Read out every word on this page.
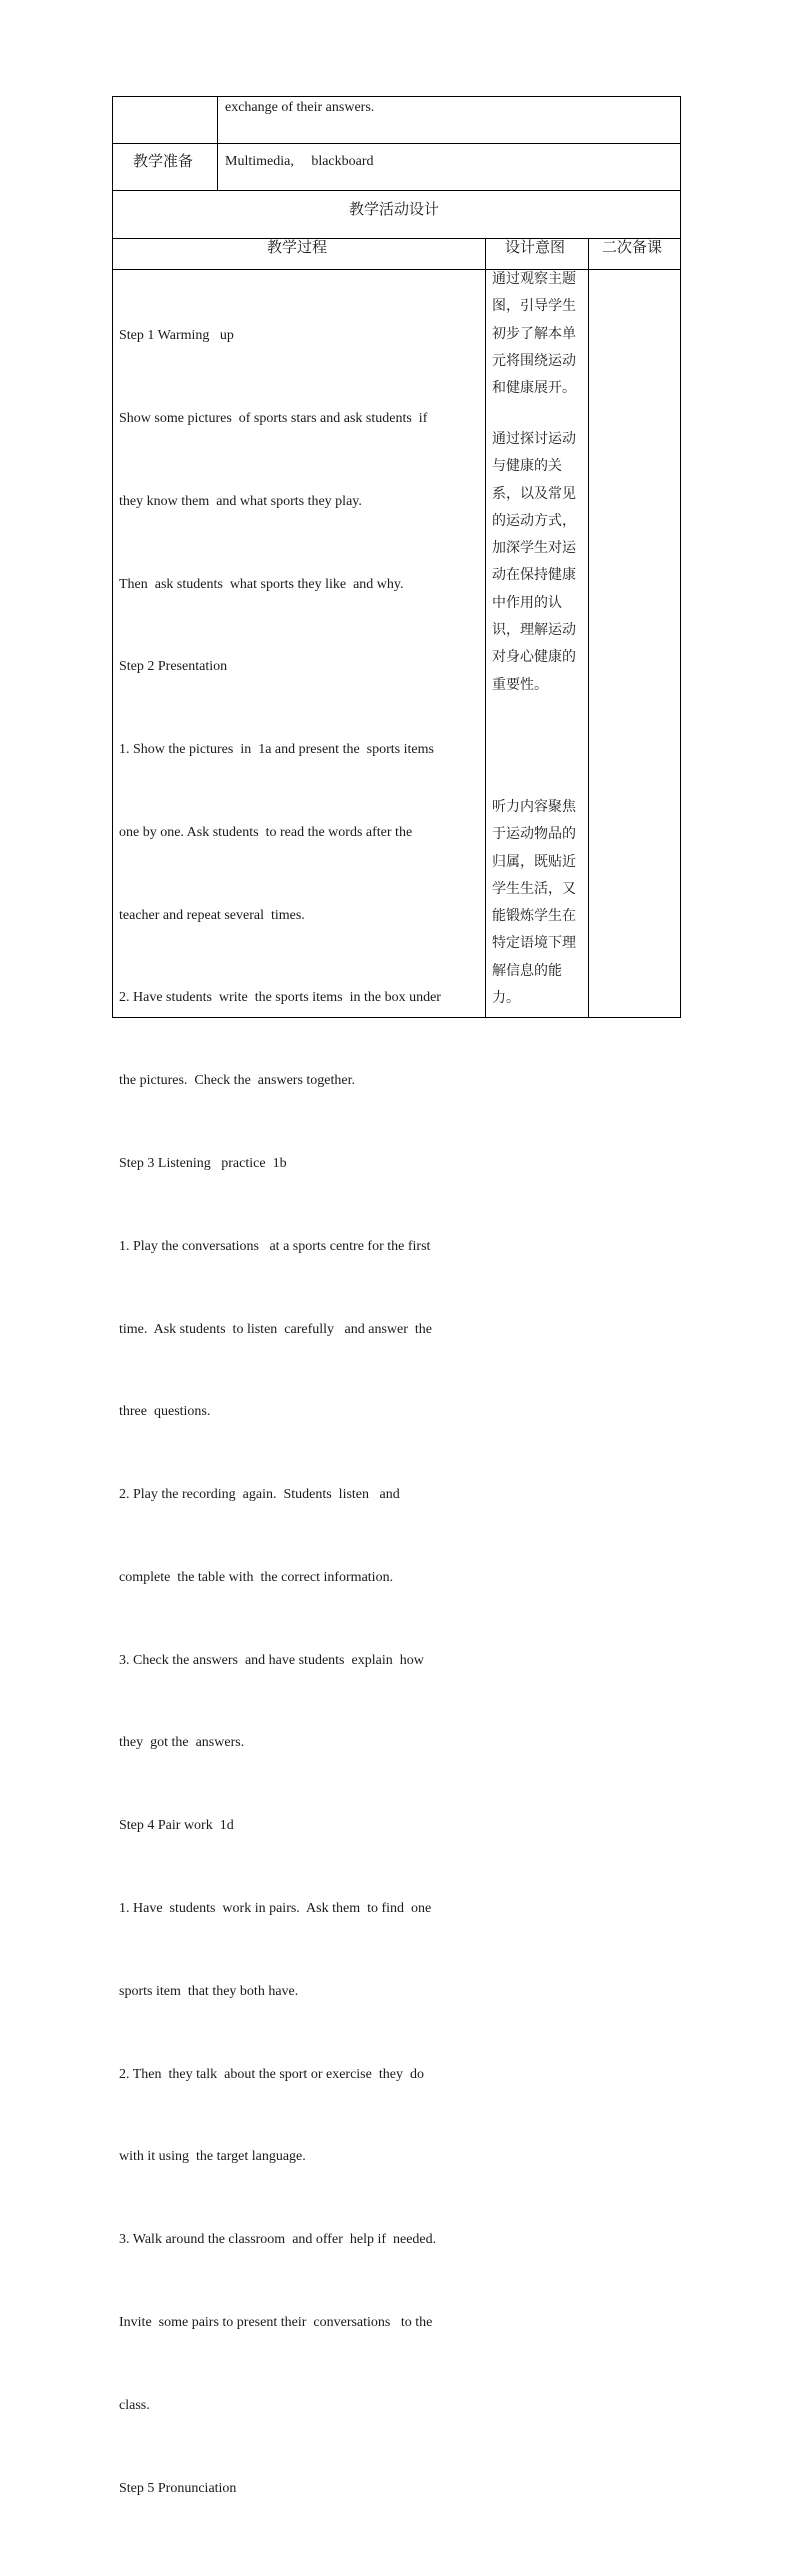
exchange of their answers.
教学准备 Multimedia,     blackboard
教学活动设计
教学过程	设计意图 二次备课

Step 1 Warming   up

Show some pictures  of sports stars and ask students  if

they know them  and what sports they play.

Then  ask students  what sports they like  and why.

Step 2 Presentation

1. Show the pictures  in  1a and present the  sports items

one by one. Ask students  to read the words after the

teacher and repeat several  times.

2. Have students  write  the sports items  in the box under

the pictures.  Check the  answers together.

Step 3 Listening   practice  1b

1. Play the conversations   at a sports centre for the first

time.  Ask students  to listen  carefully   and answer  the

three  questions.

2. Play the recording  again.  Students  listen   and

complete  the table with  the correct information.

3. Check the answers  and have students  explain  how

they  got the  answers.

Step 4 Pair work  1d

1. Have  students  work in pairs.  Ask them  to find  one

sports item  that they both have.

2. Then  they talk  about the sport or exercise  they  do

with it using  the target language.

3. Walk around the classroom  and offer  help if  needed.

Invite  some pairs to present their  conversations   to the

class.

Step 5 Pronunciation

通过观察主题
图，引导学生
初步了解本单
元将围绕运动
和健康展开。
通过探讨运动
与健康的关
系，以及常见
的运动方式，
加深学生对运
动在保持健康
中作用的认
识，理解运动
对身心健康的
重要性。
听力内容聚焦
于运动物品的
归属，既贴近
学生生活，又
能锻炼学生在
特定语境下理
解信息的能
力。
